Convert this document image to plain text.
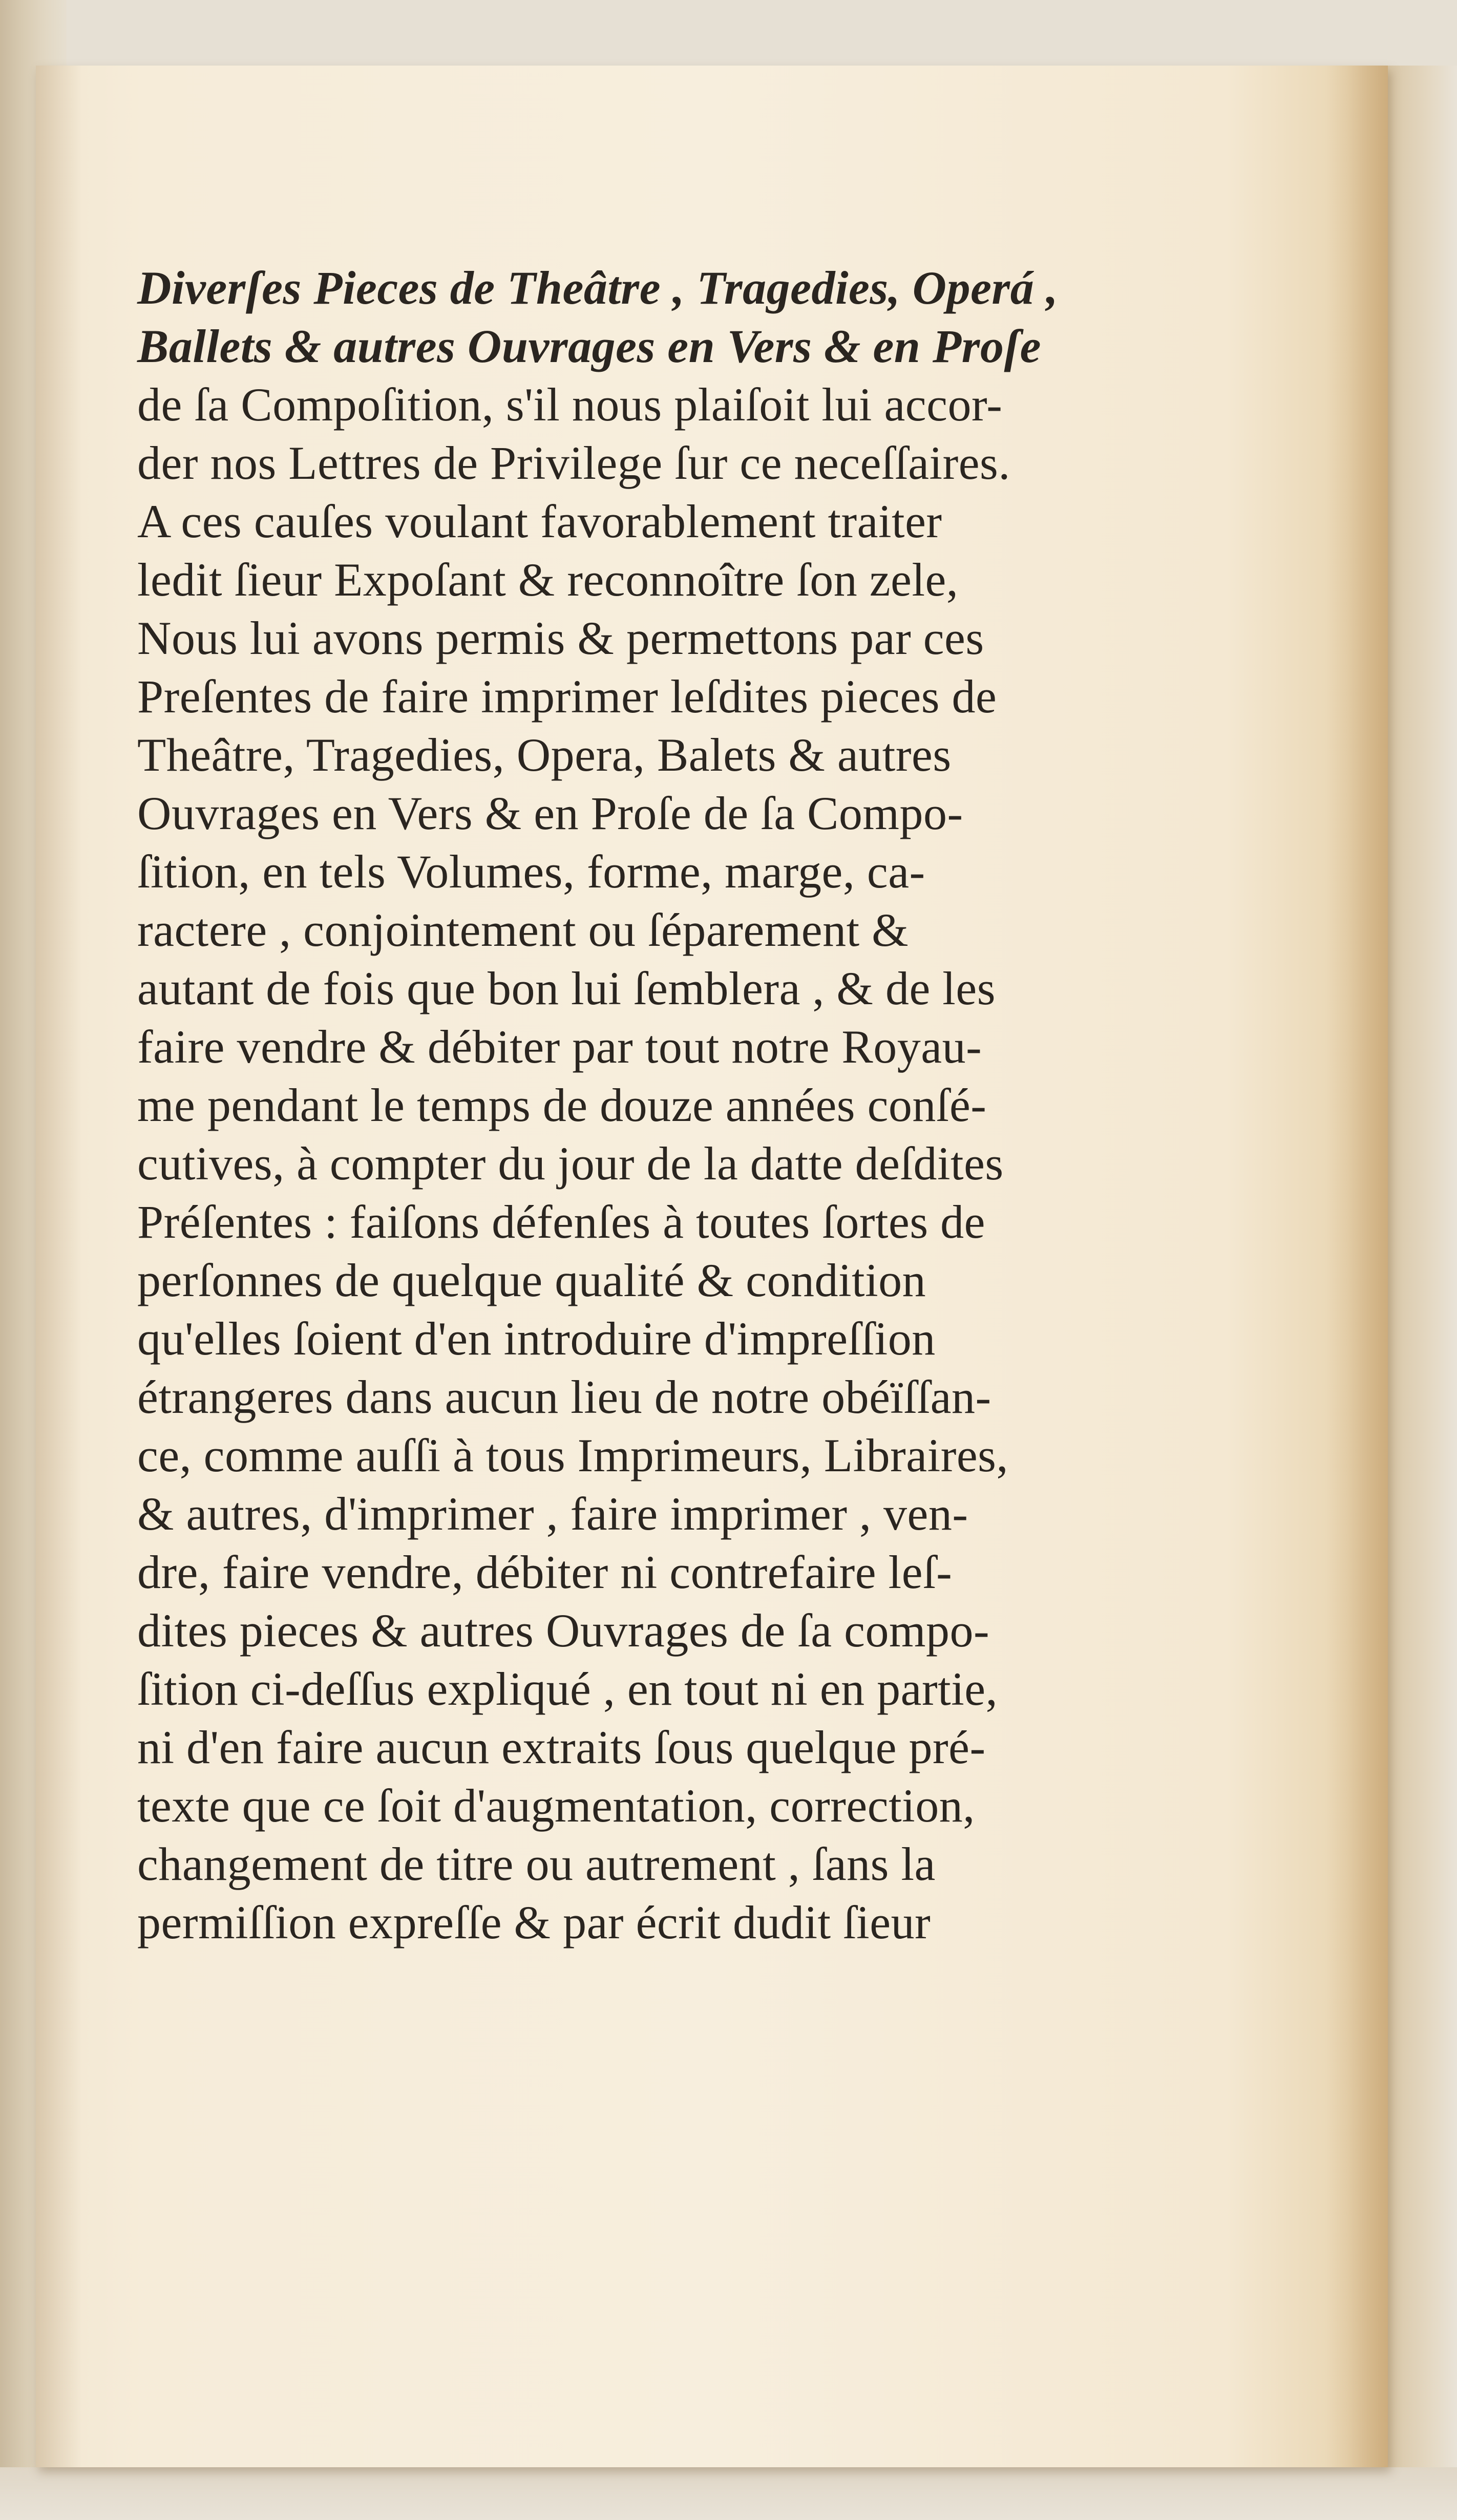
Diverſes Pieces de Theâtre , Tragedies, Operá ,
Ballets & autres Ouvrages en Vers & en Proſe
de ſa Compoſition, s'il nous plaiſoit lui accor-
der nos Lettres de Privilege ſur ce neceſſaires.
A ces cauſes voulant favorablement traiter
ledit ſieur Expoſant & reconnoître ſon zele,
Nous lui avons permis & permettons par ces
Preſentes de faire imprimer leſdites pieces de
Theâtre, Tragedies, Opera, Balets & autres
Ouvrages en Vers & en Proſe de ſa Compo-
ſition, en tels Volumes, forme, marge, ca-
ractere , conjointement ou ſéparement &
autant de fois que bon lui ſemblera , & de les
faire vendre & débiter par tout notre Royau-
me pendant le temps de douze années conſé-
cutives, à compter du jour de la datte deſdites
Préſentes : faiſons défenſes à toutes ſortes de
perſonnes de quelque qualité & condition
qu'elles ſoient d'en introduire d'impreſſion
étrangeres dans aucun lieu de notre obéïſſan-
ce, comme auſſi à tous Imprimeurs, Libraires,
& autres, d'imprimer , faire imprimer , ven-
dre, faire vendre, débiter ni contrefaire leſ-
dites pieces & autres Ouvrages de ſa compo-
ſition ci-deſſus expliqué , en tout ni en partie,
ni d'en faire aucun extraits ſous quelque pré-
texte que ce ſoit d'augmentation, correction,
changement de titre ou autrement , ſans la
permiſſion expreſſe & par écrit dudit ſieur
